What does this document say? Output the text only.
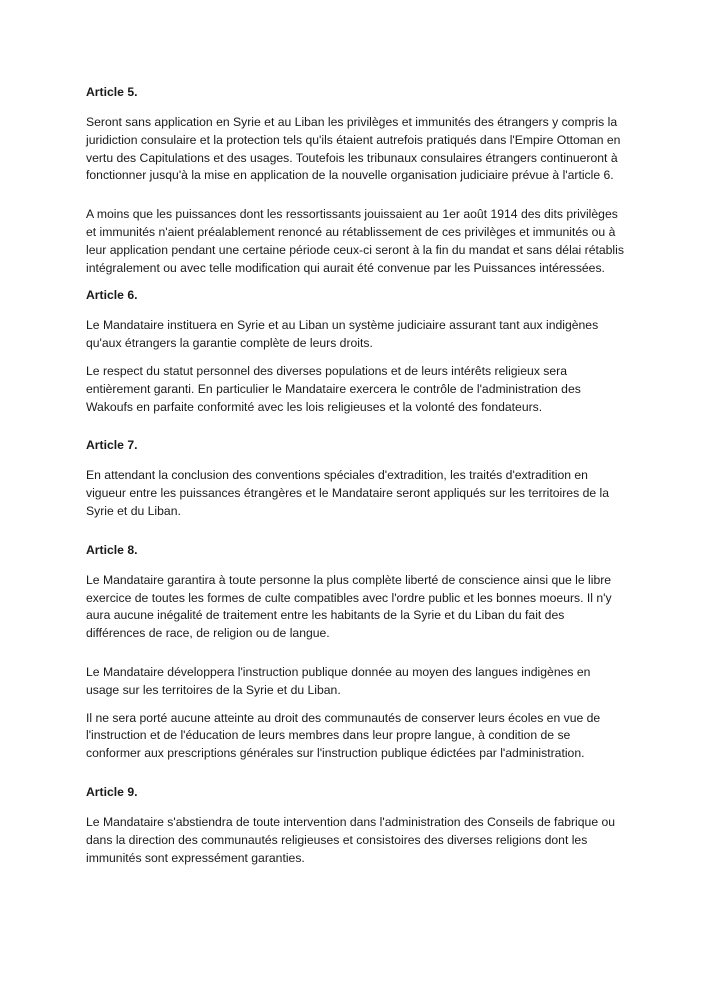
Article 5.

Seront sans application en Syrie et au Liban les privilèges et immunités des étrangers y compris la juridiction consulaire et la protection tels qu'ils étaient autrefois pratiqués dans l'Empire Ottoman en vertu des Capitulations et des usages. Toutefois les tribunaux consulaires étrangers continueront à fonctionner jusqu'à la mise en application de la nouvelle organisation judiciaire prévue à l'article 6.

A moins que les puissances dont les ressortissants jouissaient au 1er août 1914 des dits privilèges et immunités n'aient préalablement renoncé au rétablissement de ces privilèges et immunités ou à leur application pendant une certaine période ceux-ci seront à la fin du mandat et sans délai rétablis intégralement ou avec telle modification qui aurait été convenue par les Puissances intéressées.

Article 6.

Le Mandataire instituera en Syrie et au Liban un système judiciaire assurant tant aux indigènes qu'aux étrangers la garantie complète de leurs droits.

Le respect du statut personnel des diverses populations et de leurs intérêts religieux sera entièrement garanti. En particulier le Mandataire exercera le contrôle de l'administration des Wakoufs en parfaite conformité avec les lois religieuses et la volonté des fondateurs.

Article 7.

En attendant la conclusion des conventions spéciales d'extradition, les traités d'extradition en vigueur entre les puissances étrangères et le Mandataire seront appliqués sur les territoires de la Syrie et du Liban.

Article 8.

Le Mandataire garantira à toute personne la plus complète liberté de conscience ainsi que le libre exercice de toutes les formes de culte compatibles avec l'ordre public et les bonnes moeurs. Il n'y aura aucune inégalité de traitement entre les habitants de la Syrie et du Liban du fait des différences de race, de religion ou de langue.

Le Mandataire développera l'instruction publique donnée au moyen des langues indigènes en usage sur les territoires de la Syrie et du Liban.

Il ne sera porté aucune atteinte au droit des communautés de conserver leurs écoles en vue de l'instruction et de l'éducation de leurs membres dans leur propre langue, à condition de se conformer aux prescriptions générales sur l'instruction publique édictées par l'administration.

Article 9.

Le Mandataire s'abstiendra de toute intervention dans l'administration des Conseils de fabrique ou dans la direction des communautés religieuses et consistoires des diverses religions dont les immunités sont expressément garanties.
